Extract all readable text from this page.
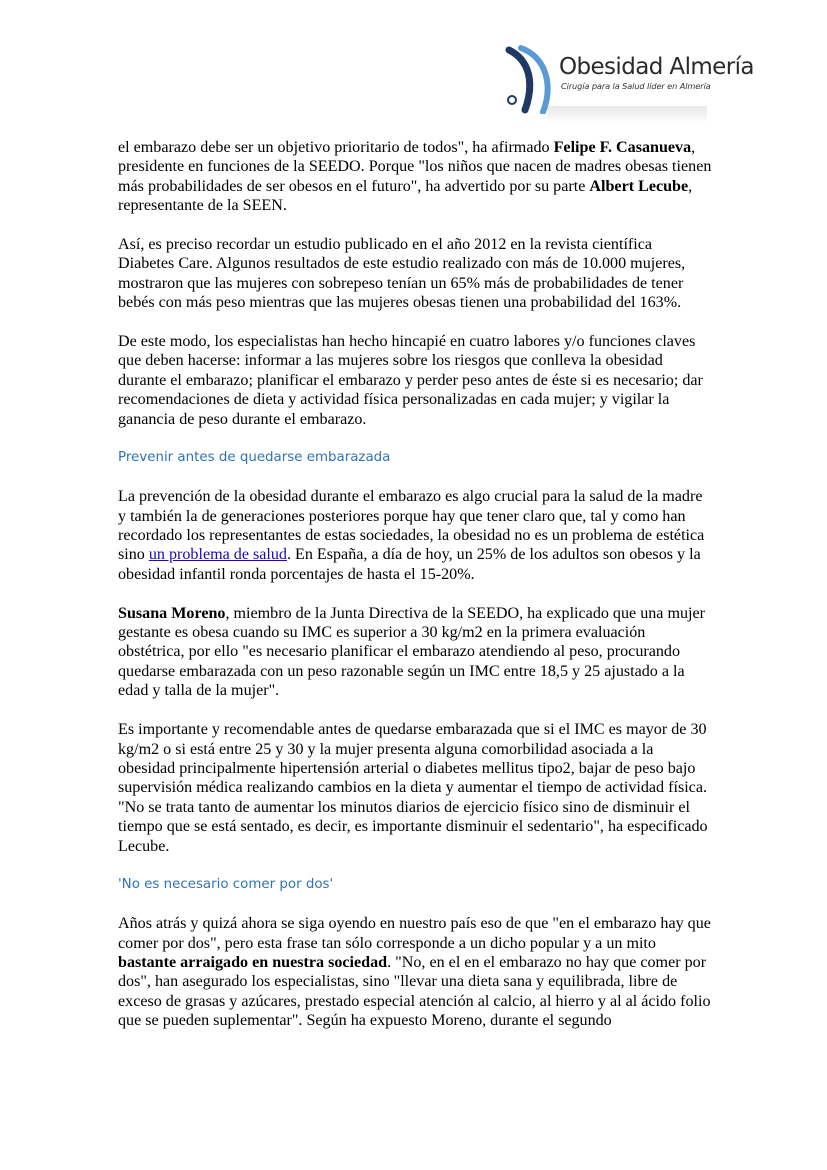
Obesidad Almería
Cirugía para la Salud líder en Almería

el embarazo debe ser un objetivo prioritario de todos", ha afirmado Felipe F. Casanueva, presidente en funciones de la SEEDO. Porque "los niños que nacen de madres obesas tienen más probabilidades de ser obesos en el futuro", ha advertido por su parte Albert Lecube, representante de la SEEN.

Así, es preciso recordar un estudio publicado en el año 2012 en la revista científica Diabetes Care. Algunos resultados de este estudio realizado con más de 10.000 mujeres, mostraron que las mujeres con sobrepeso tenían un 65% más de probabilidades de tener bebés con más peso mientras que las mujeres obesas tienen una probabilidad del 163%.

De este modo, los especialistas han hecho hincapié en cuatro labores y/o funciones claves que deben hacerse: informar a las mujeres sobre los riesgos que conlleva la obesidad durante el embarazo; planificar el embarazo y perder peso antes de éste si es necesario; dar recomendaciones de dieta y actividad física personalizadas en cada mujer; y vigilar la ganancia de peso durante el embarazo.

Prevenir antes de quedarse embarazada

La prevención de la obesidad durante el embarazo es algo crucial para la salud de la madre y también la de generaciones posteriores porque hay que tener claro que, tal y como han recordado los representantes de estas sociedades, la obesidad no es un problema de estética sino un problema de salud. En España, a día de hoy, un 25% de los adultos son obesos y la obesidad infantil ronda porcentajes de hasta el 15-20%.

Susana Moreno, miembro de la Junta Directiva de la SEEDO, ha explicado que una mujer gestante es obesa cuando su IMC es superior a 30 kg/m2 en la primera evaluación obstétrica, por ello "es necesario planificar el embarazo atendiendo al peso, procurando quedarse embarazada con un peso razonable según un IMC entre 18,5 y 25 ajustado a la edad y talla de la mujer".

Es importante y recomendable antes de quedarse embarazada que si el IMC es mayor de 30 kg/m2 o si está entre 25 y 30 y la mujer presenta alguna comorbilidad asociada a la obesidad principalmente hipertensión arterial o diabetes mellitus tipo2, bajar de peso bajo supervisión médica realizando cambios en la dieta y aumentar el tiempo de actividad física. "No se trata tanto de aumentar los minutos diarios de ejercicio físico sino de disminuir el tiempo que se está sentado, es decir, es importante disminuir el sedentario", ha especificado Lecube.

'No es necesario comer por dos'

Años atrás y quizá ahora se siga oyendo en nuestro país eso de que "en el embarazo hay que comer por dos", pero esta frase tan sólo corresponde a un dicho popular y a un mito bastante arraigado en nuestra sociedad. "No, en el en el embarazo no hay que comer por dos", han asegurado los especialistas, sino "llevar una dieta sana y equilibrada, libre de exceso de grasas y azúcares, prestado especial atención al calcio, al hierro y al al ácido folio que se pueden suplementar". Según ha expuesto Moreno, durante el segundo
